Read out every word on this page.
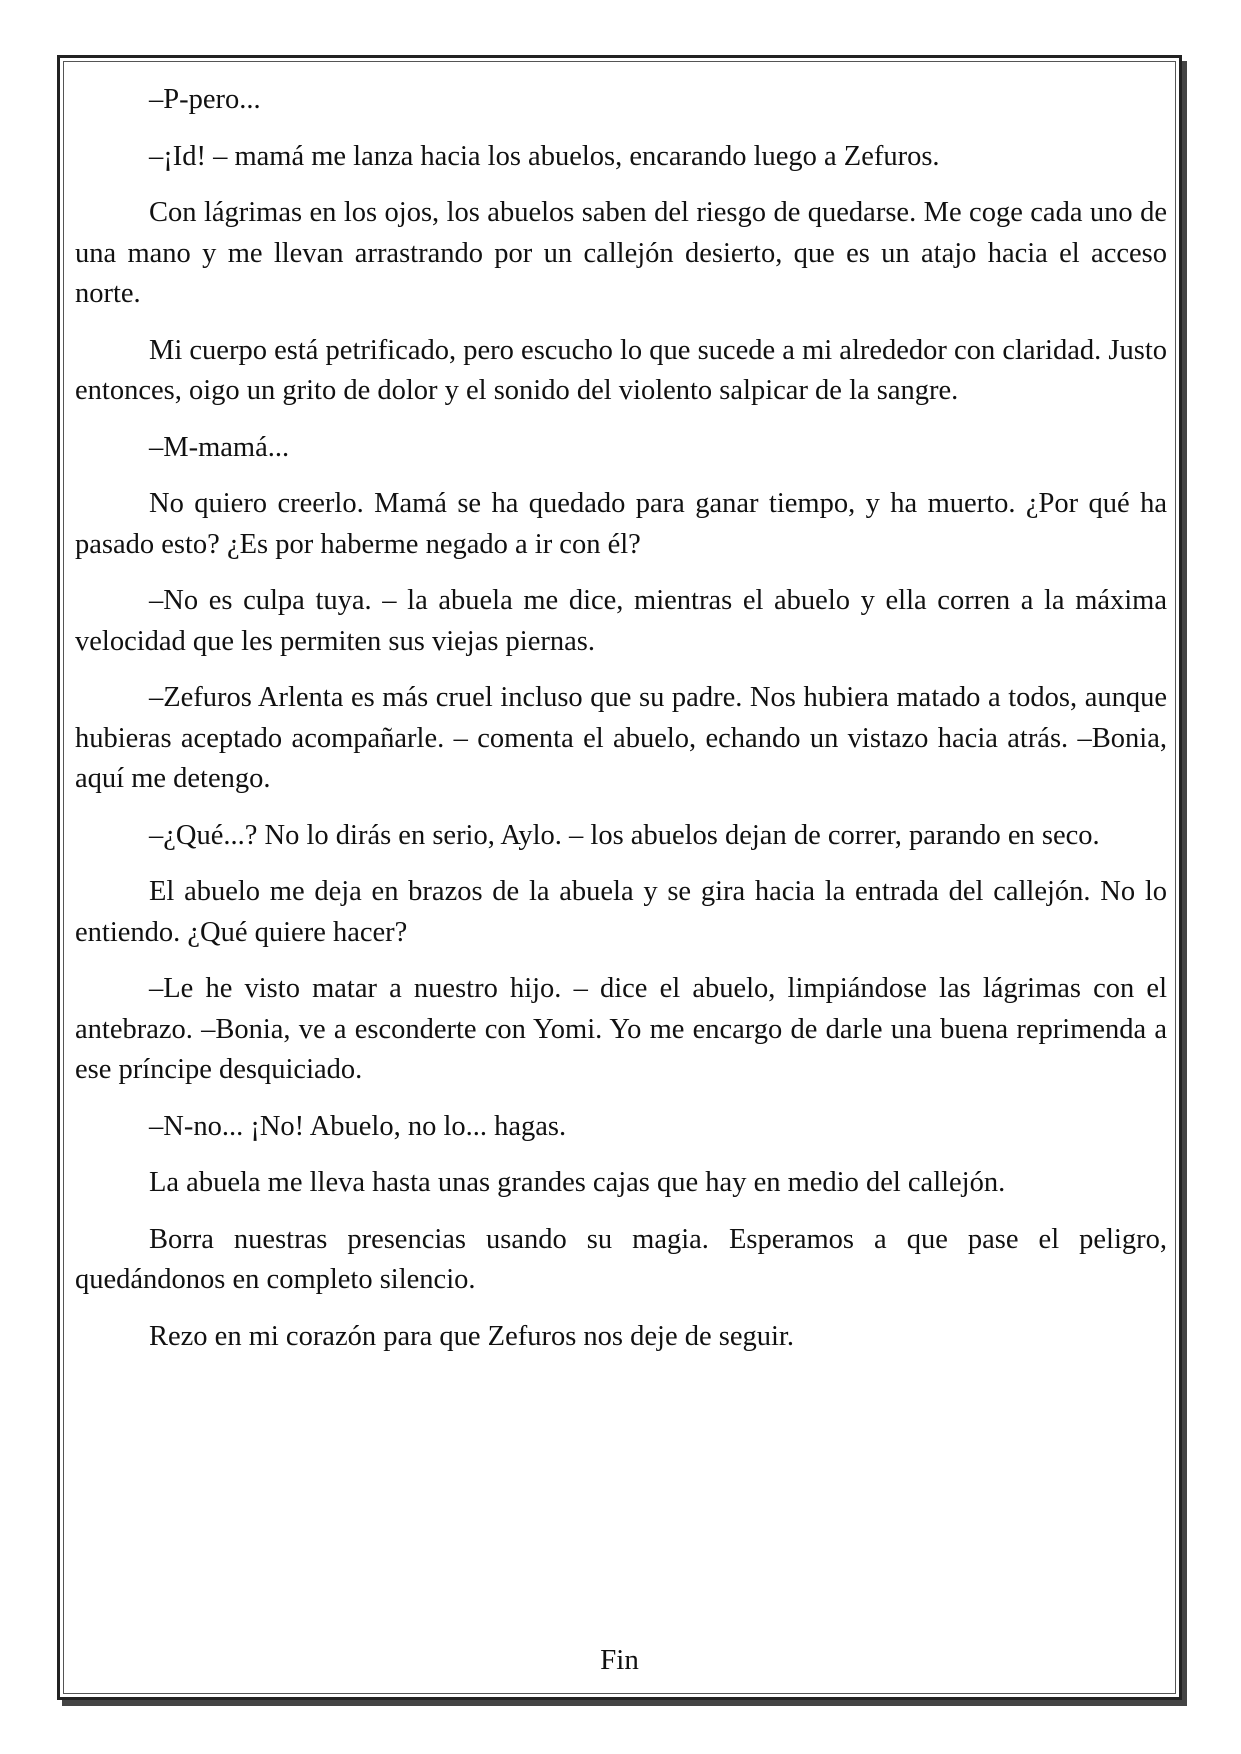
–P-pero...

–¡Id! – mamá me lanza hacia los abuelos, encarando luego a Zefuros.

Con lágrimas en los ojos, los abuelos saben del riesgo de quedarse. Me coge cada uno de una mano y me llevan arrastrando por un callejón desierto, que es un atajo hacia el acceso norte.

Mi cuerpo está petrificado, pero escucho lo que sucede a mi alrededor con claridad. Justo entonces, oigo un grito de dolor y el sonido del violento salpicar de la sangre.

–M-mamá...

No quiero creerlo. Mamá se ha quedado para ganar tiempo, y ha muerto. ¿Por qué ha pasado esto? ¿Es por haberme negado a ir con él?

–No es culpa tuya. – la abuela me dice, mientras el abuelo y ella corren a la máxima velocidad que les permiten sus viejas piernas.

–Zefuros Arlenta es más cruel incluso que su padre. Nos hubiera matado a todos, aunque hubieras aceptado acompañarle. – comenta el abuelo, echando un vistazo hacia atrás. –Bonia, aquí me detengo.

–¿Qué...? No lo dirás en serio, Aylo. – los abuelos dejan de correr, parando en seco.

El abuelo me deja en brazos de la abuela y se gira hacia la entrada del callejón. No lo entiendo. ¿Qué quiere hacer?

–Le he visto matar a nuestro hijo. – dice el abuelo, limpiándose las lágrimas con el antebrazo. –Bonia, ve a esconderte con Yomi. Yo me encargo de darle una buena reprimenda a ese príncipe desquiciado.

–N-no... ¡No! Abuelo, no lo... hagas.

La abuela me lleva hasta unas grandes cajas que hay en medio del callejón.

Borra nuestras presencias usando su magia. Esperamos a que pase el peligro, quedándonos en completo silencio.

Rezo en mi corazón para que Zefuros nos deje de seguir.

Fin
